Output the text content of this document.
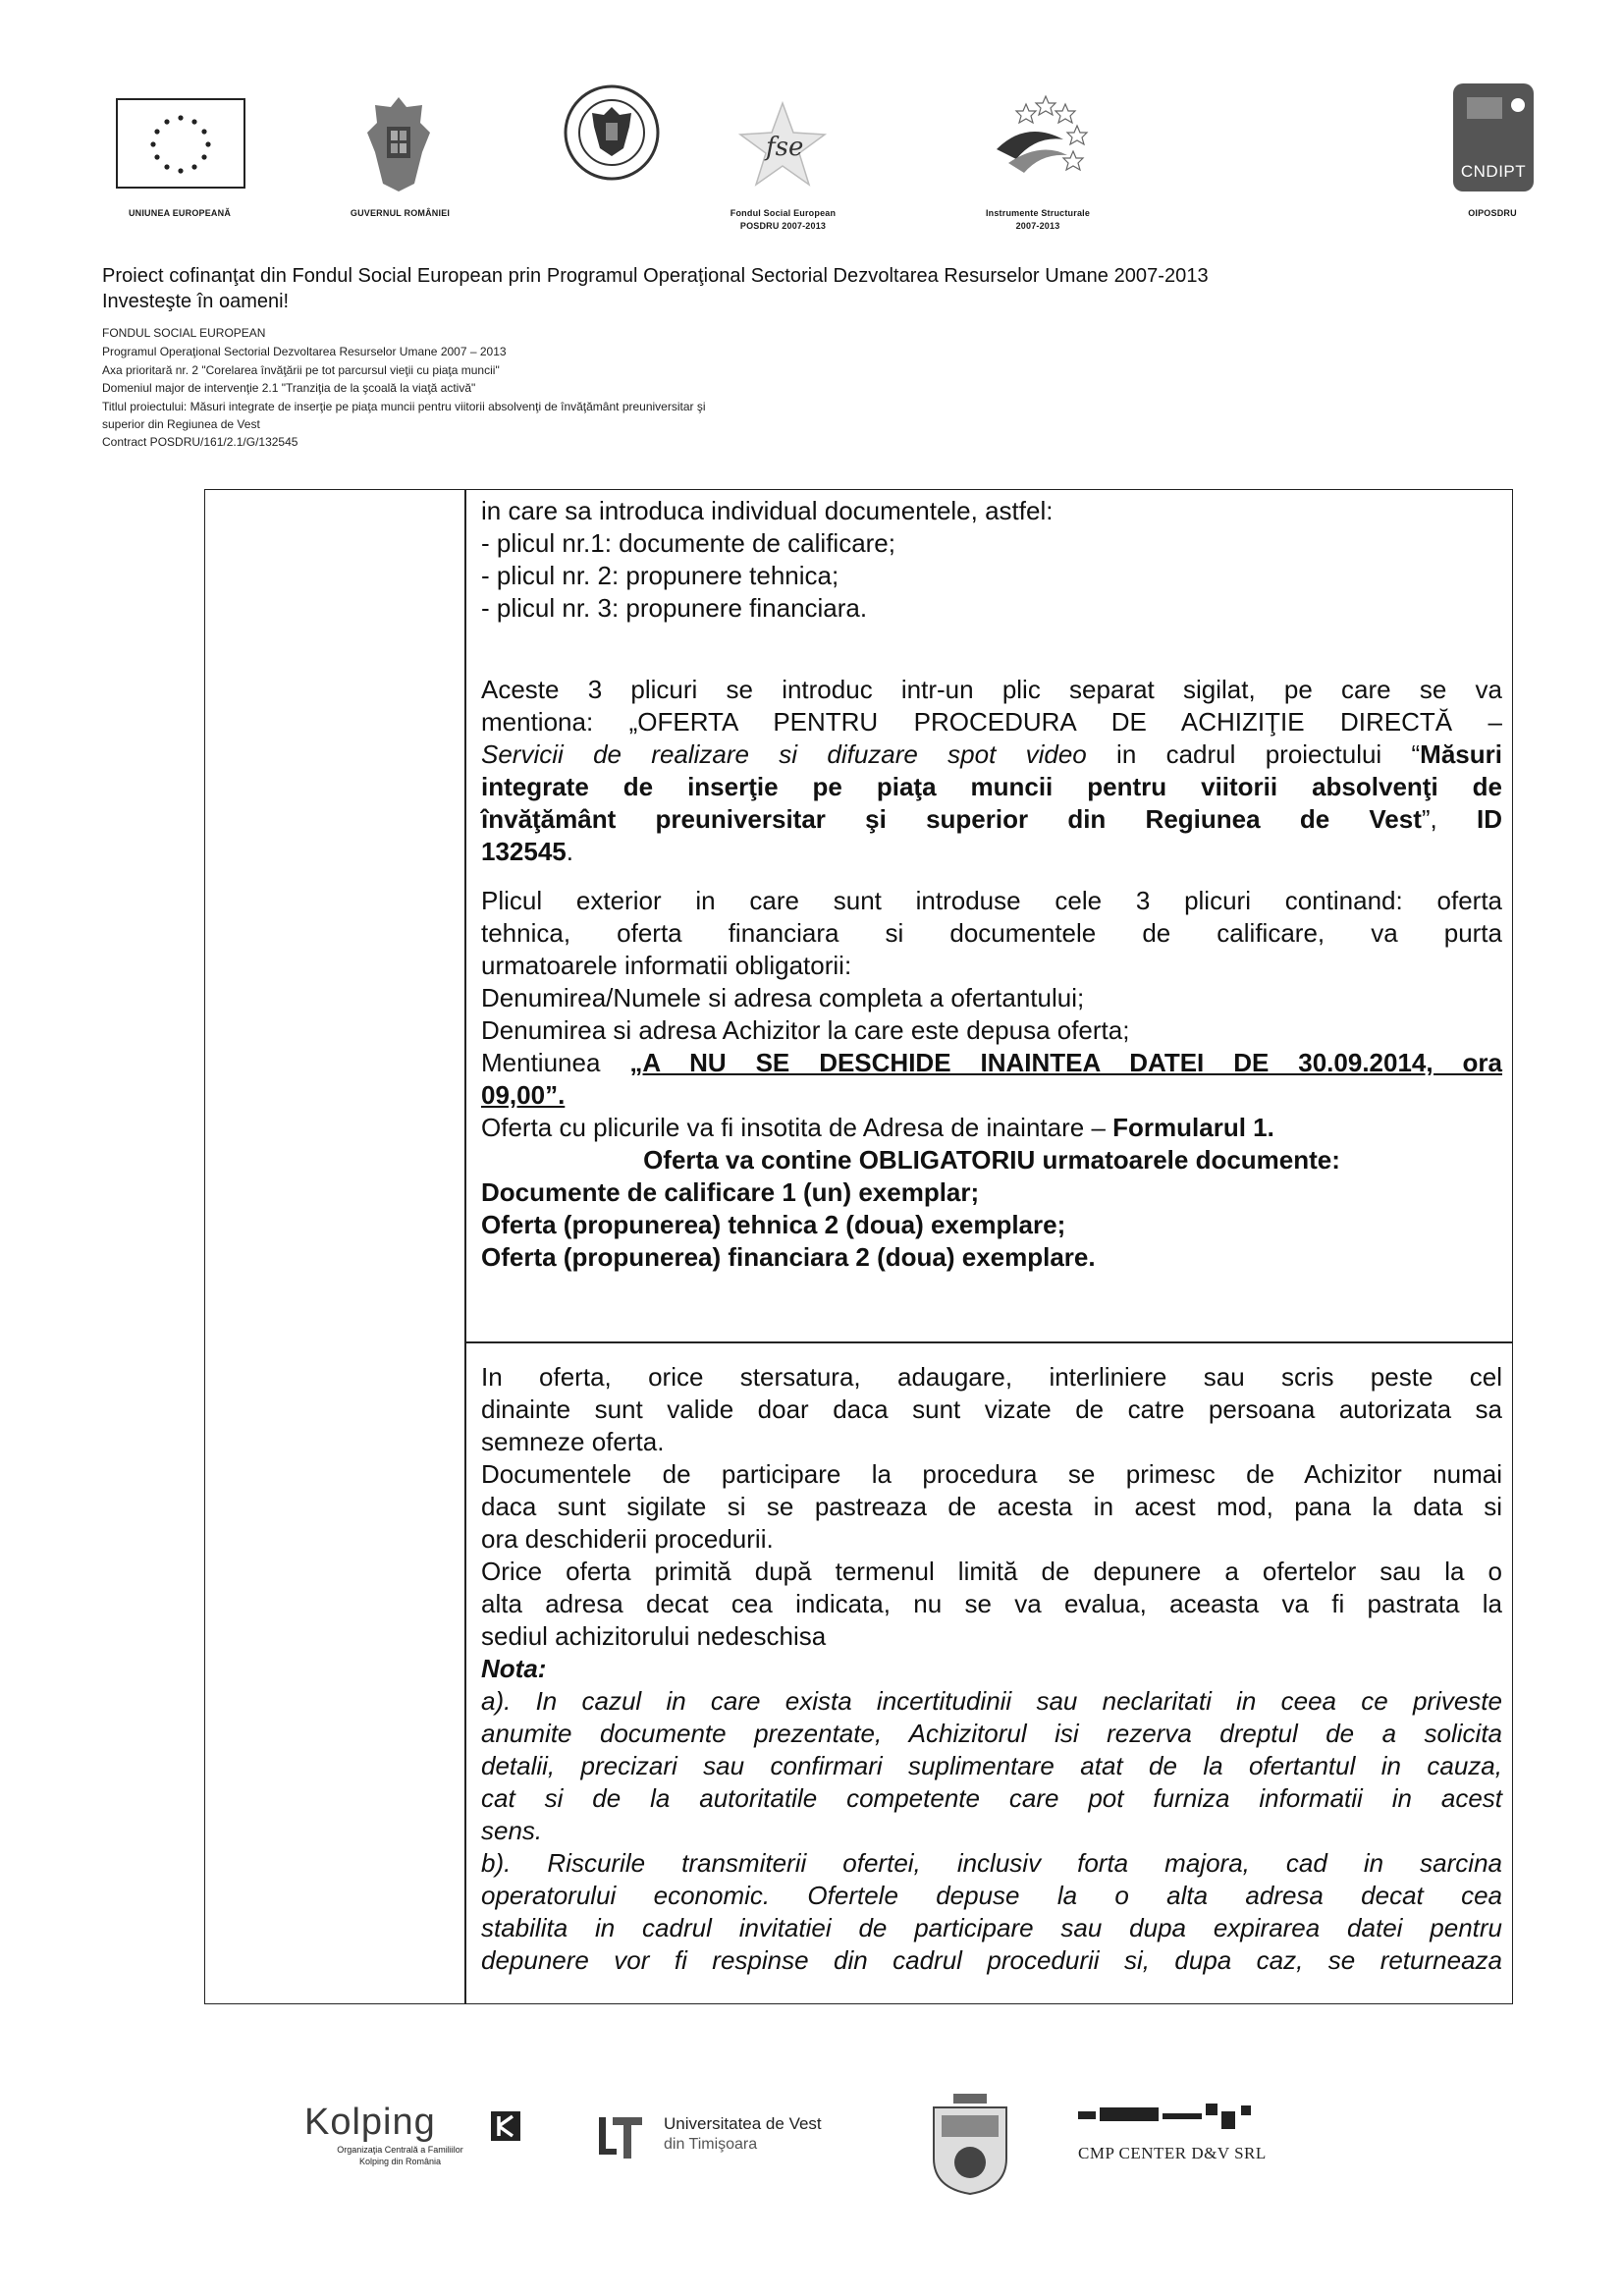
UNIUNEA EUROPEANĂ	GUVERNUL ROMÂNIEI
fse
Fondul Social European
POSDRU 2007-2013
Instrumente Structurale
2007-2013
CNDIPT
OIPOSDRU
Proiect cofinanţat din Fondul Social European prin Programul Operaţional Sectorial Dezvoltarea Resurselor Umane 2007-2013
Investeşte în oameni!
FONDUL SOCIAL EUROPEAN
Programul Operaţional Sectorial Dezvoltarea Resurselor Umane 2007 – 2013
Axa prioritară nr. 2 "Corelarea învăţării pe tot parcursul vieţii cu piaţa muncii"
Domeniul major de intervenţie 2.1 "Tranziţia de la şcoală la viaţă activă"
Titlul proiectului: Măsuri integrate de inserţie pe piaţa muncii pentru viitorii absolvenţi de învăţământ preuniversitar şi
superior din Regiunea de Vest
Contract POSDRU/161/2.1/G/132545

in care sa introduca individual documentele, astfel:

- plicul nr.1: documente de calificare;

- plicul nr. 2: propunere tehnica;

- plicul nr. 3: propunere financiara.

Aceste 3 plicuri se introduc intr-un plic separat sigilat, pe care se va

mentiona: „OFERTA PENTRU PROCEDURA DE ACHIZIŢIE DIRECTĂ –

Servicii de realizare si difuzare spot video in cadrul proiectului “Măsuri

integrate de inserţie pe piaţa muncii pentru viitorii absolvenţi de

învăţământ preuniversitar şi superior din Regiunea de Vest”, ID

132545.

Plicul exterior in care sunt introduse cele 3 plicuri continand: oferta

tehnica, oferta financiara si documentele de calificare, va purta

urmatoarele informatii obligatorii:

Denumirea/Numele si adresa completa a ofertantului;

Denumirea si adresa Achizitor la care este depusa oferta;

Mentiunea „A NU SE DESCHIDE INAINTEA DATEI DE 30.09.2014, ora

09,00”.

Oferta cu plicurile va fi insotita de Adresa de inaintare – Formularul 1.

Oferta va contine OBLIGATORIU urmatoarele documente:

Documente de calificare 1 (un) exemplar;

Oferta (propunerea) tehnica 2 (doua) exemplare;

Oferta (propunerea) financiara 2 (doua) exemplare.

In oferta, orice stersatura, adaugare, interliniere sau scris peste cel

dinainte sunt valide doar daca sunt vizate de catre persoana autorizata sa

semneze oferta.

Documentele de participare la procedura se primesc de Achizitor numai

daca sunt sigilate si se pastreaza de acesta in acest mod, pana la data si

ora deschiderii procedurii.

Orice oferta primită după termenul limită de depunere a ofertelor sau la o

alta adresa decat cea indicata, nu se va evalua, aceasta va fi pastrata la

sediul achizitorului nedeschisa

Nota:

a). In cazul in care exista incertitudinii sau neclaritati in ceea ce priveste

anumite documente prezentate, Achizitorul isi rezerva dreptul de a solicita

detalii, precizari sau confirmari suplimentare atat de la ofertantul in cauza,

cat si de la autoritatile competente care pot furniza informatii in acest

sens.

b). Riscurile transmiterii ofertei, inclusiv forta majora, cad in sarcina

operatorului economic. Ofertele depuse la o alta adresa decat cea

stabilita in cadrul invitatiei de participare sau dupa expirarea datei pentru

depunere vor fi respinse din cadrul procedurii si, dupa caz, se returneaza

Kolping
Organizaţia Centrală a Familiilor
Kolping din România
Universitatea de Vest
din Timişoara	CMP CENTER D&V SRL
